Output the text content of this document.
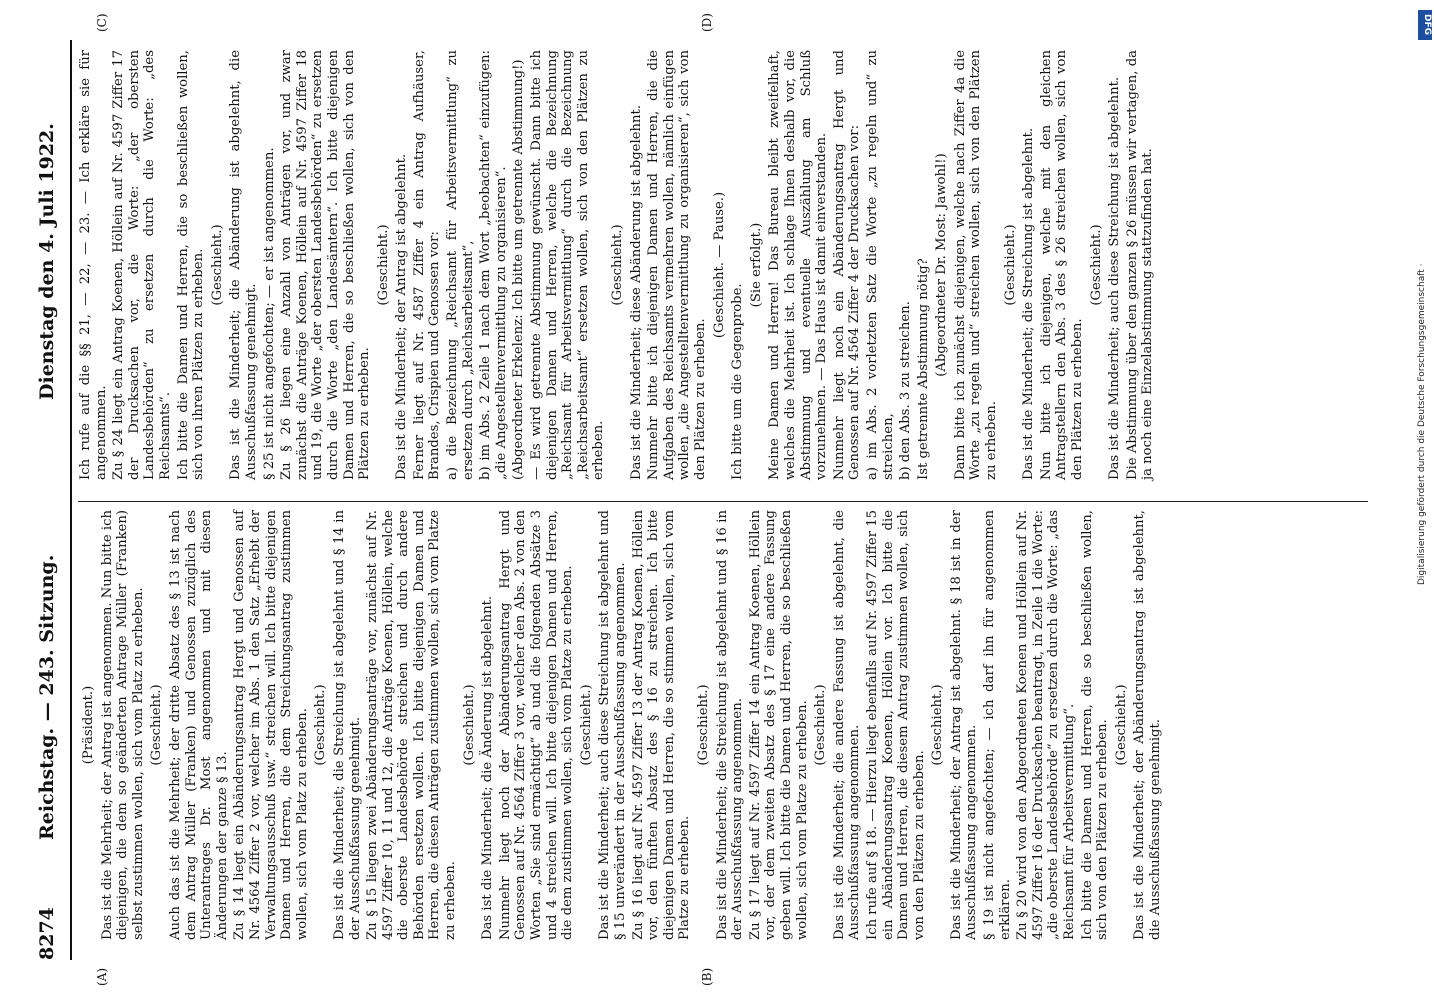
8274
Reichstag. — 243. Sitzung.
Dienstag den 4. Juli 1922.
(A)	(B)
(C)	(D)

(Präsident.) Das ist die Mehrheit; der Antrag ist angenommen. Nun bitte ich diejenigen, die dem so geänderten Antrage Müller (Franken) selbst zustimmen wollen, sich vom Platz zu erheben. (Geschieht.) Auch das ist die Mehrheit; der dritte Absatz des § 13 ist nach dem Antrag Müller (Franken) und Genossen zuzüglich des Unterantrages Dr. Most angenommen und mit diesen Änderungen der ganze § 13. Zu § 14 liegt ein Abänderungsantrag Hergt und Genossen auf Nr. 4564 Ziffer 2 vor, welcher im Abs. 1 den Satz „Erhebt der Verwaltungsausschuß usw.“ streichen will. Ich bitte diejenigen Damen und Herren, die dem Streichungsantrag zustimmen wollen, sich vom Platz zu erheben. (Geschieht.) Das ist die Minderheit; die Streichung ist abgelehnt und § 14 in der Ausschußfassung genehmigt. Zu § 15 liegen zwei Abänderungsanträge vor, zunächst auf Nr. 4597 Ziffer 10, 11 und 12, die Anträge Koenen, Höllein, welche die oberste Landesbehörde streichen und durch andere Behörden ersetzen wollen. Ich bitte diejenigen Damen und Herren, die diesen Anträgen zustimmen wollen, sich vom Platze zu erheben.

(Geschieht.) Das ist die Minderheit; die Änderung ist abgelehnt. Nunmehr liegt noch der Abänderungsantrag Hergt und Genossen auf Nr. 4564 Ziffer 3 vor, welcher den Abs. 2 von den Worten „Sie sind ermächtigt“ ab und die folgenden Absätze 3 und 4 streichen will. Ich bitte diejenigen Damen und Herren, die dem zustimmen wollen, sich vom Platze zu erheben. (Geschieht.) Das ist die Minderheit; auch diese Streichung ist abgelehnt und § 15 unverändert in der Ausschußfassung angenommen. Zu § 16 liegt auf Nr. 4597 Ziffer 13 der Antrag Koenen, Höllein vor, den fünften Absatz des § 16 zu streichen. Ich bitte diejenigen Damen und Herren, die so stimmen wollen, sich vom Platze zu erheben.

(Geschieht.) Das ist die Minderheit; die Streichung ist abgelehnt und § 16 in der Ausschußfassung angenommen. Zu § 17 liegt auf Nr. 4597 Ziffer 14 ein Antrag Koenen, Höllein vor, der dem zweiten Absatz des § 17 eine andere Fassung geben will. Ich bitte die Damen und Herren, die so beschließen wollen, sich vom Platze zu erheben. (Geschieht.) Das ist die Minderheit; die andere Fassung ist abgelehnt, die Ausschußfassung angenommen. Ich rufe auf § 18. — Hierzu liegt ebenfalls auf Nr. 4597 Ziffer 15 ein Abänderungsantrag Koenen, Höllein vor. Ich bitte die Damen und Herren, die diesem Antrag zustimmen wollen, sich von den Plätzen zu erheben.

(Geschieht.) Das ist die Minderheit; der Antrag ist abgelehnt. § 18 ist in der Ausschußfassung angenommen. § 19 ist nicht angefochten; — ich darf ihn für angenommen erklären. Zu § 20 wird von den Abgeordneten Koenen und Höllein auf Nr. 4597 Ziffer 16 der Drucksachen beantragt, in Zeile 1 die Worte: „die oberste Landesbehörde“ zu ersetzen durch die Worte: „das Reichsamt für Arbeitsvermittlung“. Ich bitte die Damen und Herren, die so beschließen wollen, sich von den Plätzen zu erheben. (Geschieht.) Das ist die Minderheit; der Abänderungsantrag ist abgelehnt, die Ausschußfassung genehmigt.

Ich rufe auf die §§ 21, — 22, — 23. — Ich erkläre sie für angenommen. Zu § 24 liegt ein Antrag Koenen, Höllein auf Nr. 4597 Ziffer 17 der Drucksachen vor, die Worte: „der obersten Landesbehörden“ zu ersetzen durch die Worte: „des Reichsamts“. Ich bitte die Damen und Herren, die so beschließen wollen, sich von ihren Plätzen zu erheben. (Geschieht.) Das ist die Minderheit; die Abänderung ist abgelehnt, die Ausschußfassung genehmigt. § 25 ist nicht angefochten; — er ist angenommen. Zu § 26 liegen eine Anzahl von Anträgen vor, und zwar zunächst die Anträge Koenen, Höllein auf Nr. 4597 Ziffer 18 und 19, die Worte „der obersten Landesbehörden“ zu ersetzen durch die Worte „den Landesämtern“. Ich bitte diejenigen Damen und Herren, die so beschließen wollen, sich von den Plätzen zu erheben.

(Geschieht.) Das ist die Minderheit; der Antrag ist abgelehnt. Ferner liegt auf Nr. 4587 Ziffer 4 ein Antrag Aufhäuser, Brandes, Crispien und Genossen vor: a) die Bezeichnung „Reichsamt für Arbeitsvermittlung“ zu ersetzen durch „Reichsarbeitsamt“, b) im Abs. 2 Zeile 1 nach dem Wort „beobachten“ einzufügen: „die Angestelltenvermittlung zu organisieren“. (Abgeordneter Erkelenz: Ich bitte um getrennte Abstimmung!) — Es wird getrennte Abstimmung gewünscht. Dann bitte ich diejenigen Damen und Herren, welche die Bezeichnung „Reichsamt für Arbeitsvermittlung“ durch die Bezeichnung „Reichsarbeitsamt“ ersetzen wollen, sich von den Plätzen zu erheben.

(Geschieht.) Das ist die Minderheit; diese Abänderung ist abgelehnt. Nunmehr bitte ich diejenigen Damen und Herren, die die Aufgaben des Reichsamts vermehren wollen, nämlich einfügen wollen „die Angestelltenvermittlung zu organisieren“, sich von den Plätzen zu erheben.

(Geschieht. — Pause.)

Ich bitte um die Gegenprobe.

(Sie erfolgt.) Meine Damen und Herren! Das Bureau bleibt zweifelhaft, welches die Mehrheit ist. Ich schlage Ihnen deshalb vor, die Abstimmung und eventuelle Auszählung am Schluß vorzunehmen. — Das Haus ist damit einverstanden. Nunmehr liegt noch ein Abänderungsantrag Hergt und Genossen auf Nr. 4564 Ziffer 4 der Drucksachen vor: a) im Abs. 2 vorletzten Satz die Worte „zu regeln und“ zu streichen, b) den Abs. 3 zu streichen. Ist getrennte Abstimmung nötig? (Abgeordneter Dr. Most: Jawohl!) Dann bitte ich zunächst diejenigen, welche nach Ziffer 4a die Worte „zu regeln und“ streichen wollen, sich von den Plätzen zu erheben.

(Geschieht.) Das ist die Minderheit; die Streichung ist abgelehnt. Nun bitte ich diejenigen, welche mit den gleichen Antragstellern den Abs. 3 des § 26 streichen wollen, sich von den Plätzen zu erheben.

(Geschieht.) Das ist die Minderheit; auch diese Streichung ist abgelehnt. Die Abstimmung über den ganzen § 26 müssen wir vertagen, da ja noch eine Einzelabstimmung stattzufinden hat.

DFG
Digitalisierung gefördert durch die Deutsche Forschungsgemeinschaft ·
